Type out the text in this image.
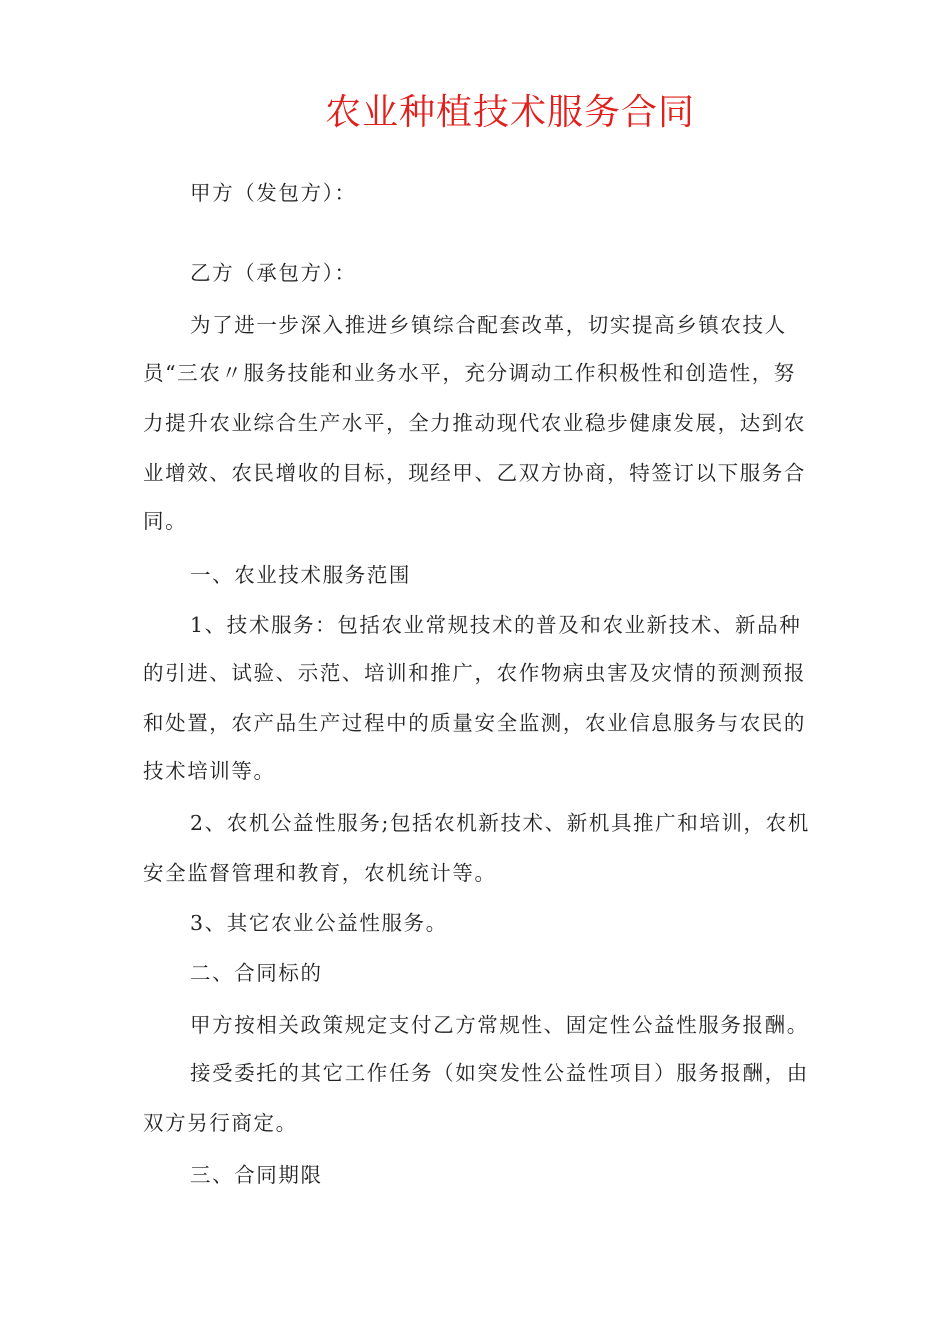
农业种植技术服务合同
甲方（发包方）：
乙方（承包方）：
为了进一步深入推进乡镇综合配套改革，切实提高乡镇农技人
员“三农〃服务技能和业务水平，充分调动工作积极性和创造性，努
力提升农业综合生产水平，全力推动现代农业稳步健康发展，达到农
业增效、农民增收的目标，现经甲、乙双方协商，特签订以下服务合
同。
一、农业技术服务范围
1、技术服务：包括农业常规技术的普及和农业新技术、新品种
的引进、试验、示范、培训和推广，农作物病虫害及灾情的预测预报
和处置，农产品生产过程中的质量安全监测，农业信息服务与农民的
技术培训等。
2、农机公益性服务;包括农机新技术、新机具推广和培训，农机
安全监督管理和教育，农机统计等。
3、其它农业公益性服务。
二、合同标的
甲方按相关政策规定支付乙方常规性、固定性公益性服务报酬。
接受委托的其它工作任务（如突发性公益性项目）服务报酬，由
双方另行商定。
三、合同期限
